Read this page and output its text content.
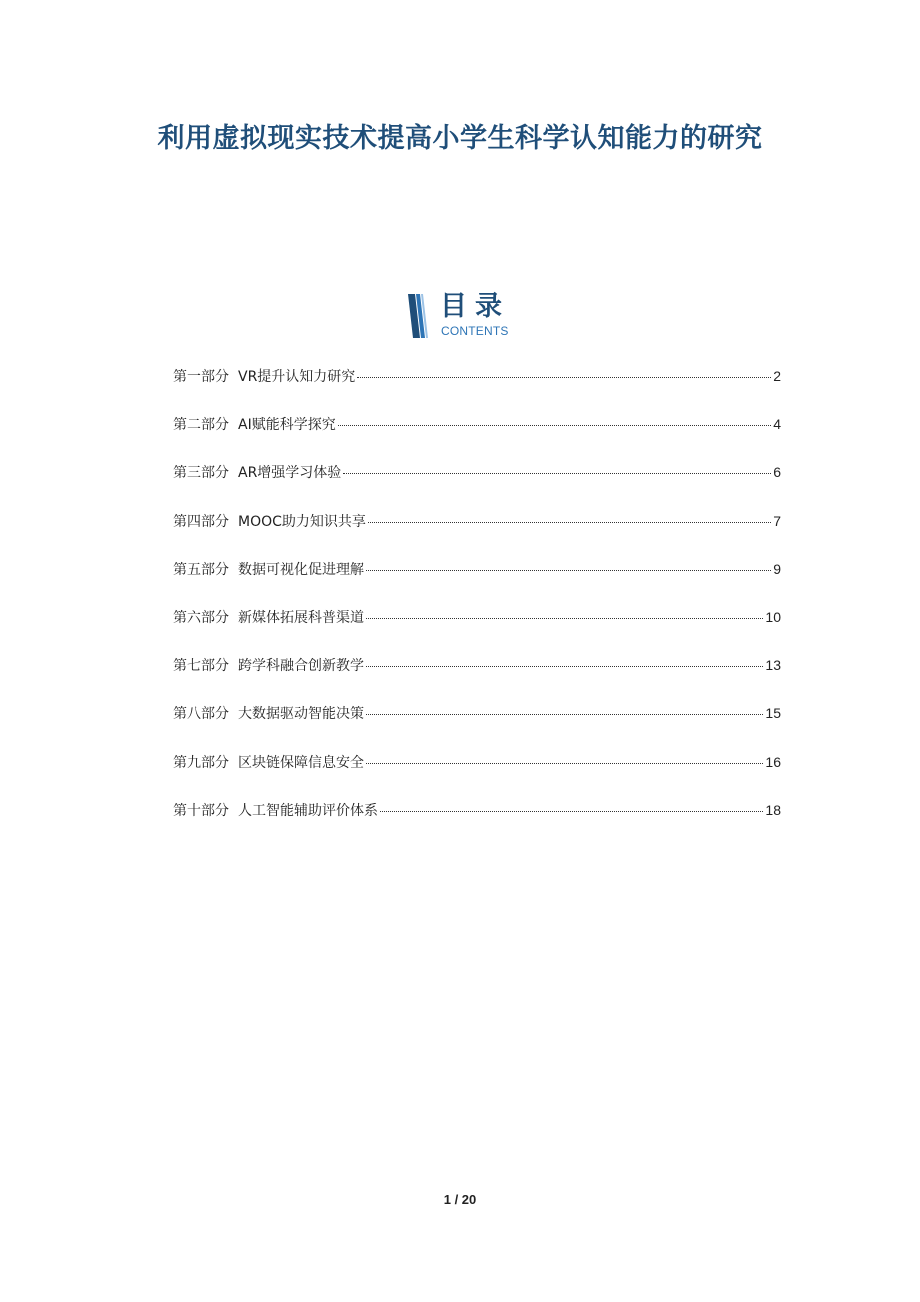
利用虚拟现实技术提高小学生科学认知能力的研究
目录
CONTENTS
第一部分 VR提升认知力研究	2
第二部分 AI赋能科学探究	4
第三部分 AR增强学习体验	6
第四部分 MOOC助力知识共享	7
第五部分 数据可视化促进理解	9
第六部分 新媒体拓展科普渠道	10
第七部分 跨学科融合创新教学	13
第八部分 大数据驱动智能决策	15
第九部分 区块链保障信息安全	16
第十部分 人工智能辅助评价体系	18
1 / 20
